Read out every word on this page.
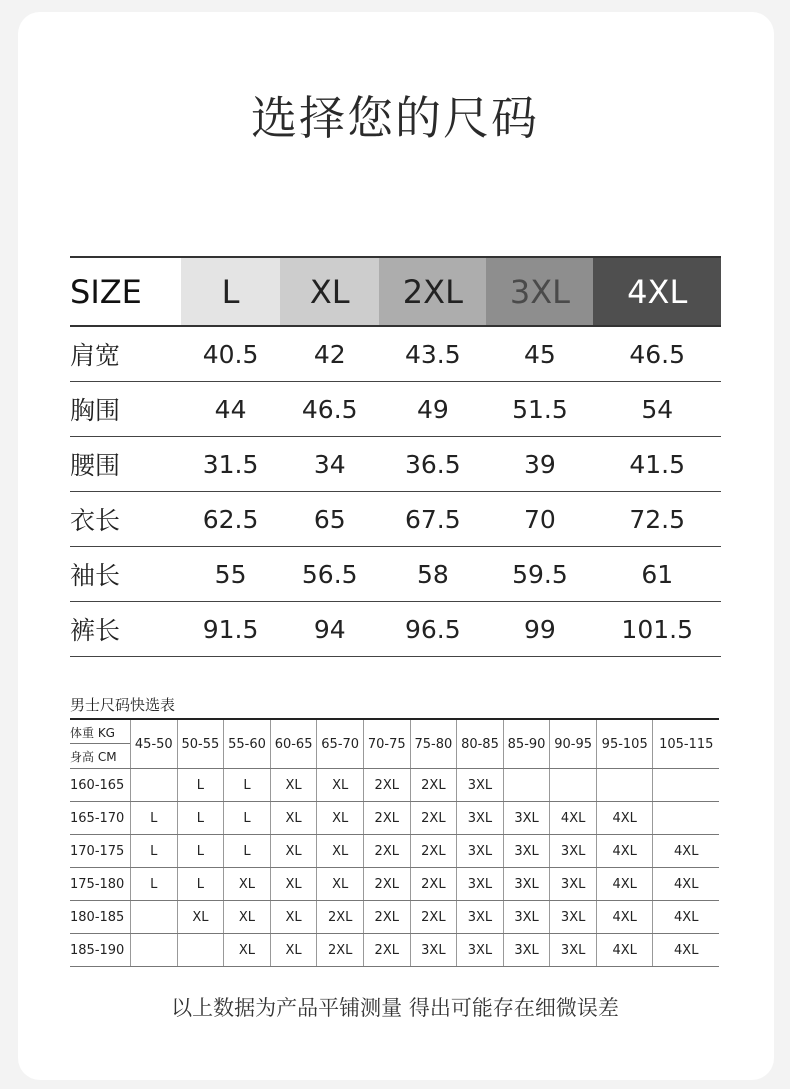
选择您的尺码
SIZE	L	XL	2XL	3XL	4XL
肩宽	40.5	42	43.5	45	46.5
胸围	44	46.5	49	51.5	54
腰围	31.5	34	36.5	39	41.5
衣长	62.5	65	67.5	70	72.5
袖长	55	56.5	58	59.5	61
裤长	91.5	94	96.5	99	101.5
男士尺码快选表
体重 KG
身高 CM	45-50	50-55	55-60	60-65	65-70	70-75	75-80	80-85	85-90	90-95	95-105	105-115
160-165		L	L	XL	XL	2XL	2XL	3XL				
165-170	L	L	L	XL	XL	2XL	2XL	3XL	3XL	4XL	4XL	
170-175	L	L	L	XL	XL	2XL	2XL	3XL	3XL	3XL	4XL	4XL
175-180	L	L	XL	XL	XL	2XL	2XL	3XL	3XL	3XL	4XL	4XL
180-185		XL	XL	XL	2XL	2XL	2XL	3XL	3XL	3XL	4XL	4XL
185-190			XL	XL	2XL	2XL	3XL	3XL	3XL	3XL	4XL	4XL
以上数据为产品平铺测量 得出可能存在细微误差
